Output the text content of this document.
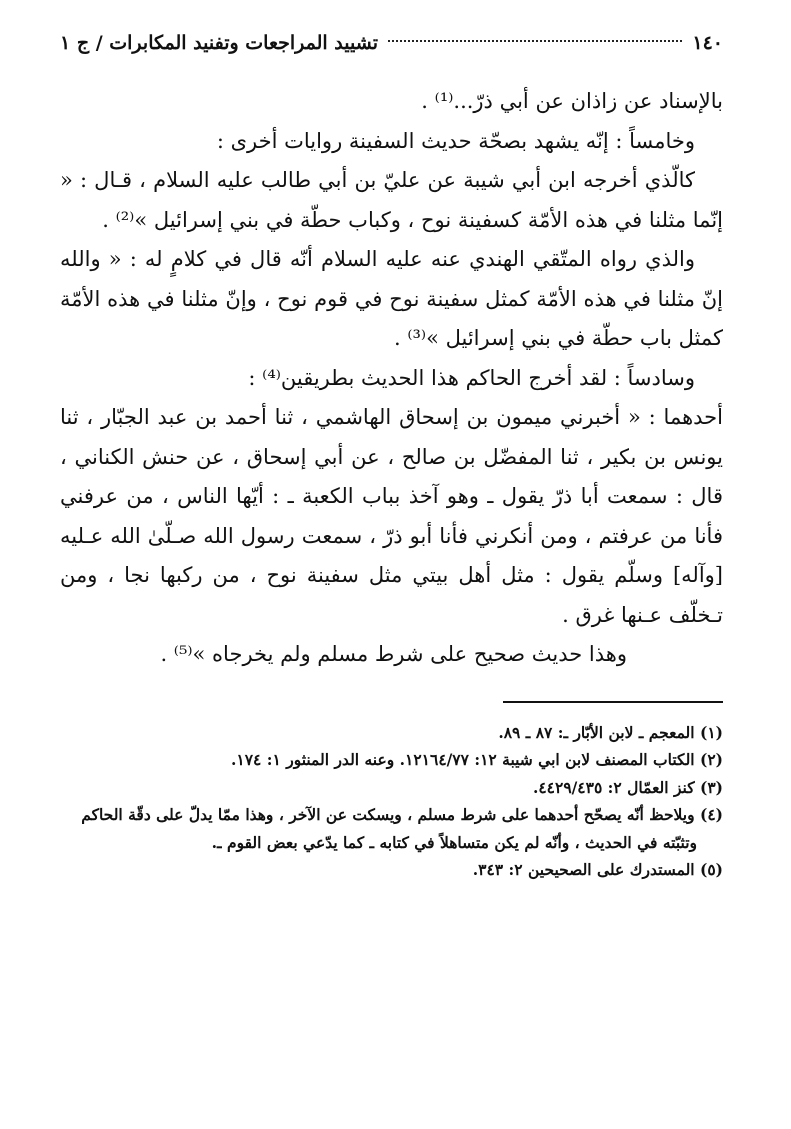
١٤٠
تشييد المراجعات وتفنيد المكابرات / ج ١

بالإسناد عن زاذان عن أبي ذرّ...⁽¹⁾ .

وخامساً : إنّه يشهد بصحّة حديث السفينة روايات أخرى :

كالّذي أخرجه ابن أبي شيبة عن عليّ بن أبي طالب عليه السلام ، قـال : « إنّما مثلنا في هذه الأمّة كسفينة نوح ، وكباب حطّة في بني إسرائيل »⁽²⁾ .

والذي رواه المتّقي الهندي عنه عليه السلام أنّه قال في كلامٍ له : « والله إنّ مثلنا في هذه الأمّة كمثل سفينة نوح في قوم نوح ، وإنّ مثلنا في هذه الأمّة كمثل باب حطّة في بني إسرائيل »⁽³⁾ .

وسادساً : لقد أخرج الحاكم هذا الحديث بطريقين⁽⁴⁾ :

أحدهما : « أخبرني ميمون بن إسحاق الهاشمي ، ثنا أحمد بن عبد الجبّار ، ثنا يونس بن بكير ، ثنا المفضّل بن صالح ، عن أبي إسحاق ، عن حنش الكناني ، قال : سمعت أبا ذرّ يقول ـ وهو آخذ بباب الكعبة ـ : أيّها الناس ، من عرفني فأنا من عرفتم ، ومن أنكرني فأنا أبو ذرّ ، سمعت رسول الله صـلّىٰ الله عـليه [وآله] وسلّم يقول : مثل أهل بيتي مثل سفينة نوح ، من ركبها نجا ، ومن تـخلّف عـنها غرق .

وهذا حديث صحيح على شرط مسلم ولم يخرجاه »⁽⁵⁾ .

(١) المعجم ـ لابن الأبّار ـ: ٨٧ ـ ٨٩.

(٢) الكتاب المصنف لابن ابي شيبة ١٢: ١٢١٦٤/٧٧. وعنه الدر المنثور ١: ١٧٤.

(٣) كنز العمّال ٢: ٤٤٢٩/٤٣٥.

(٤) ويلاحظ أنّه يصحّح أحدهما على شرط مسلم ، ويسكت عن الآخر ، وهذا ممّا يدلّ على دقّة الحاكم

وتثبّته في الحديث ، وأنّه لم يكن متساهلاً في كتابه ـ كما يدّعي بعض القوم ـ.

(٥) المستدرك على الصحيحين ٢: ٣٤٣.
